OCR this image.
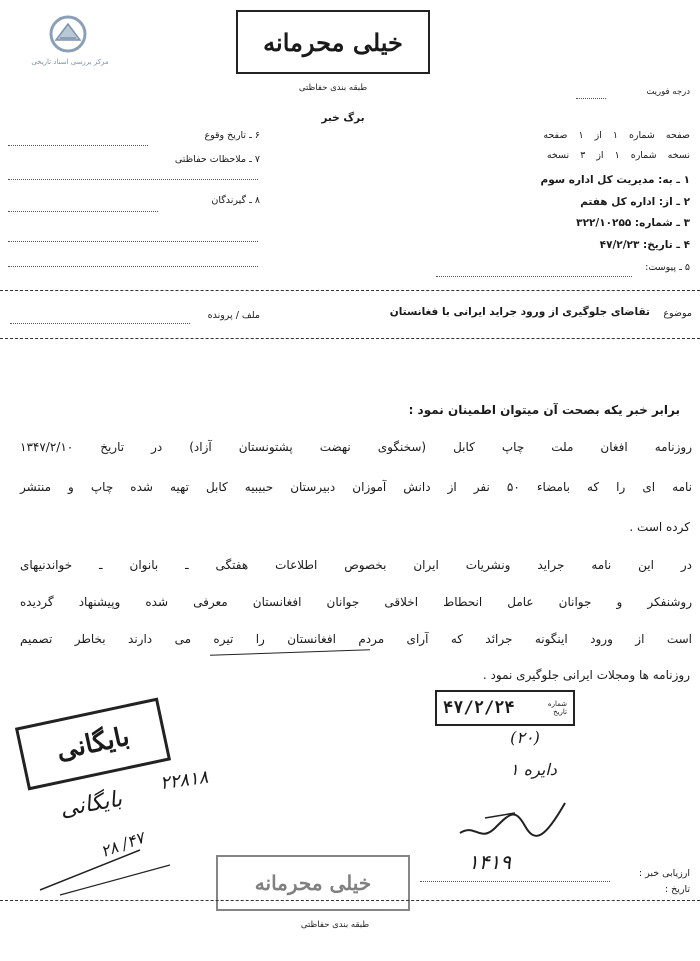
مرکز بررسی اسناد تاریخی
خیلی محرمانه
طبقه بندی حفاظتی
برگ خبر
درجه فوریت
صفحه شماره ۱ از ۱ صفحه
نسخه شماره ۱ از ۳ نسخه
۱ ـ به: مدیریت کل اداره سوم
۲ ـ از: اداره کل هفتم
۳ ـ شماره: ۳۲۲/۱۰۲۵۵
۴ ـ تاریخ: ۴۷/۲/۲۳
۵ ـ پیوست:
۶ ـ تاریخ وقوع
۷ ـ ملاحظات حفاظتی
۸ ـ گیرندگان
ملف / پرونده	تقاضای جلوگیری از ورود جراید ایرانی با فغانستان	موضوع
برابر خبر یکه بصحت آن میتوان اطمینان نمود :
روزنامه افغان ملت چاپ کابل (سخنگوی نهضت پشتونستان آزاد) در تاریخ ۱۳۴۷/۲/۱۰
نامه ای را که بامضاء ۵۰ نفر از دانش آموزان دبیرستان حبیبیه کابل تهیه شده چاپ و منتشر
کرده است .
در این نامه جراید ونشریات ایران بخصوص اطلاعات هفتگی ـ بانوان ـ خواندنیهای
روشنفکر و جوانان عامل انحطاط اخلاقی جوانان افغانستان معرفی شده وپیشنهاد گردیده
است از ورود اینگونه جرائد که آرای مردم افغانستان را تیره می دارند بخاطر تصمیم
روزنامه ها ومجلات ایرانی جلوگیری نمود .
۴۷/۲/۲۴	شماره
تاریخ
(۲۰)
بایگانی
۲۲۸۱۸
بایگانی
۲۸ /۴۷
دایره ۱
۱۴۱۹
خیلی محرمانه
طبقه بندی حفاظتی
ارزیابی خبر :
تاریخ :
